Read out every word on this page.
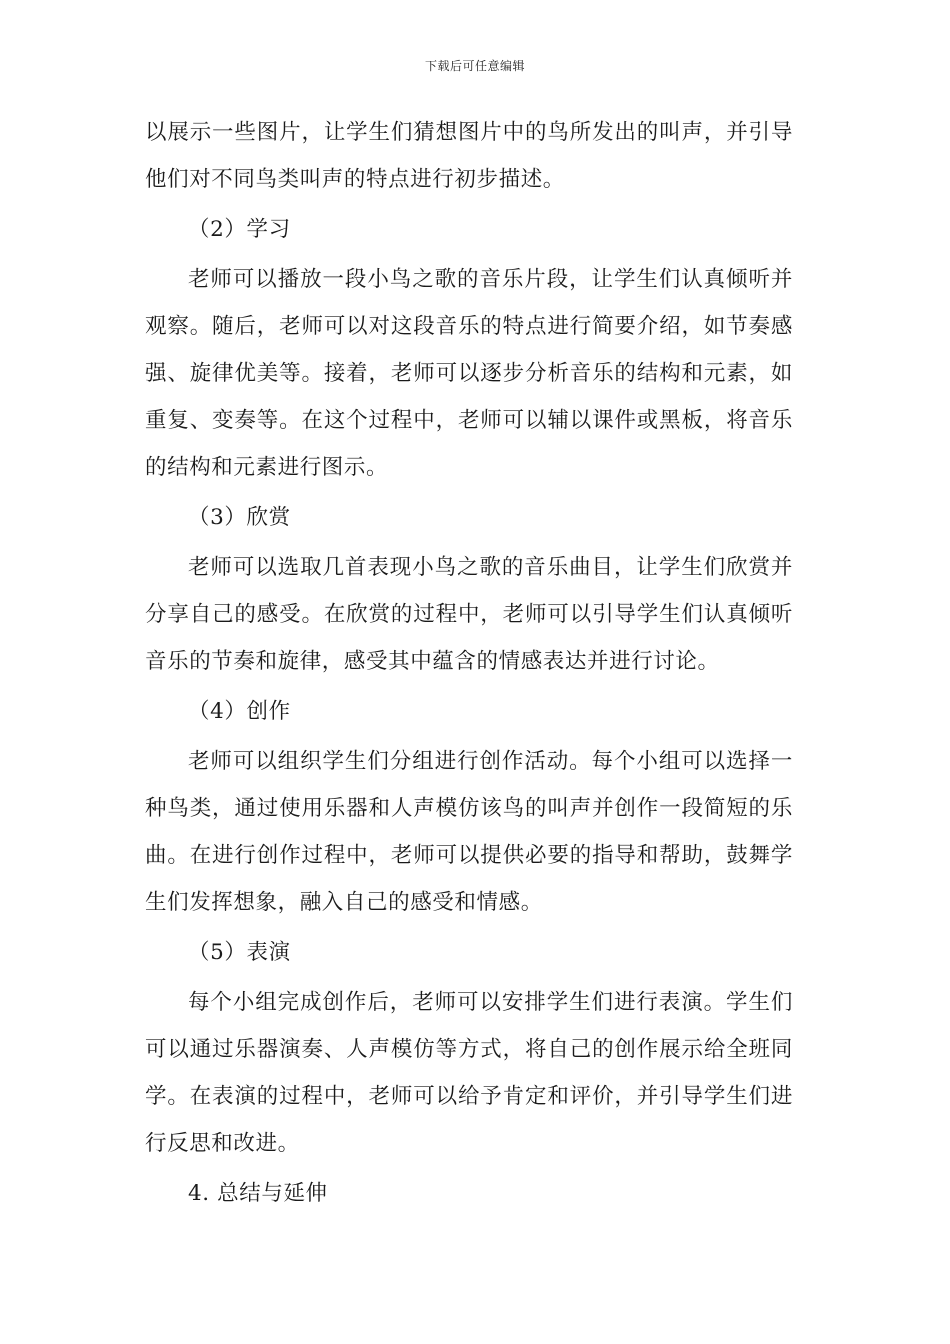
下载后可任意编辑

以展示一些图片，让学生们猜想图片中的鸟所发出的叫声，并引导他们对不同鸟类叫声的特点进行初步描述。

（2）学习

老师可以播放一段小鸟之歌的音乐片段，让学生们认真倾听并观察。随后，老师可以对这段音乐的特点进行简要介绍，如节奏感强、旋律优美等。接着，老师可以逐步分析音乐的结构和元素，如重复、变奏等。在这个过程中，老师可以辅以课件或黑板，将音乐的结构和元素进行图示。

（3）欣赏

老师可以选取几首表现小鸟之歌的音乐曲目，让学生们欣赏并分享自己的感受。在欣赏的过程中，老师可以引导学生们认真倾听音乐的节奏和旋律，感受其中蕴含的情感表达并进行讨论。

（4）创作

老师可以组织学生们分组进行创作活动。每个小组可以选择一种鸟类，通过使用乐器和人声模仿该鸟的叫声并创作一段简短的乐曲。在进行创作过程中，老师可以提供必要的指导和帮助，鼓舞学生们发挥想象，融入自己的感受和情感。

（5）表演

每个小组完成创作后，老师可以安排学生们进行表演。学生们可以通过乐器演奏、人声模仿等方式，将自己的创作展示给全班同学。在表演的过程中，老师可以给予肯定和评价，并引导学生们进行反思和改进。

4. 总结与延伸
